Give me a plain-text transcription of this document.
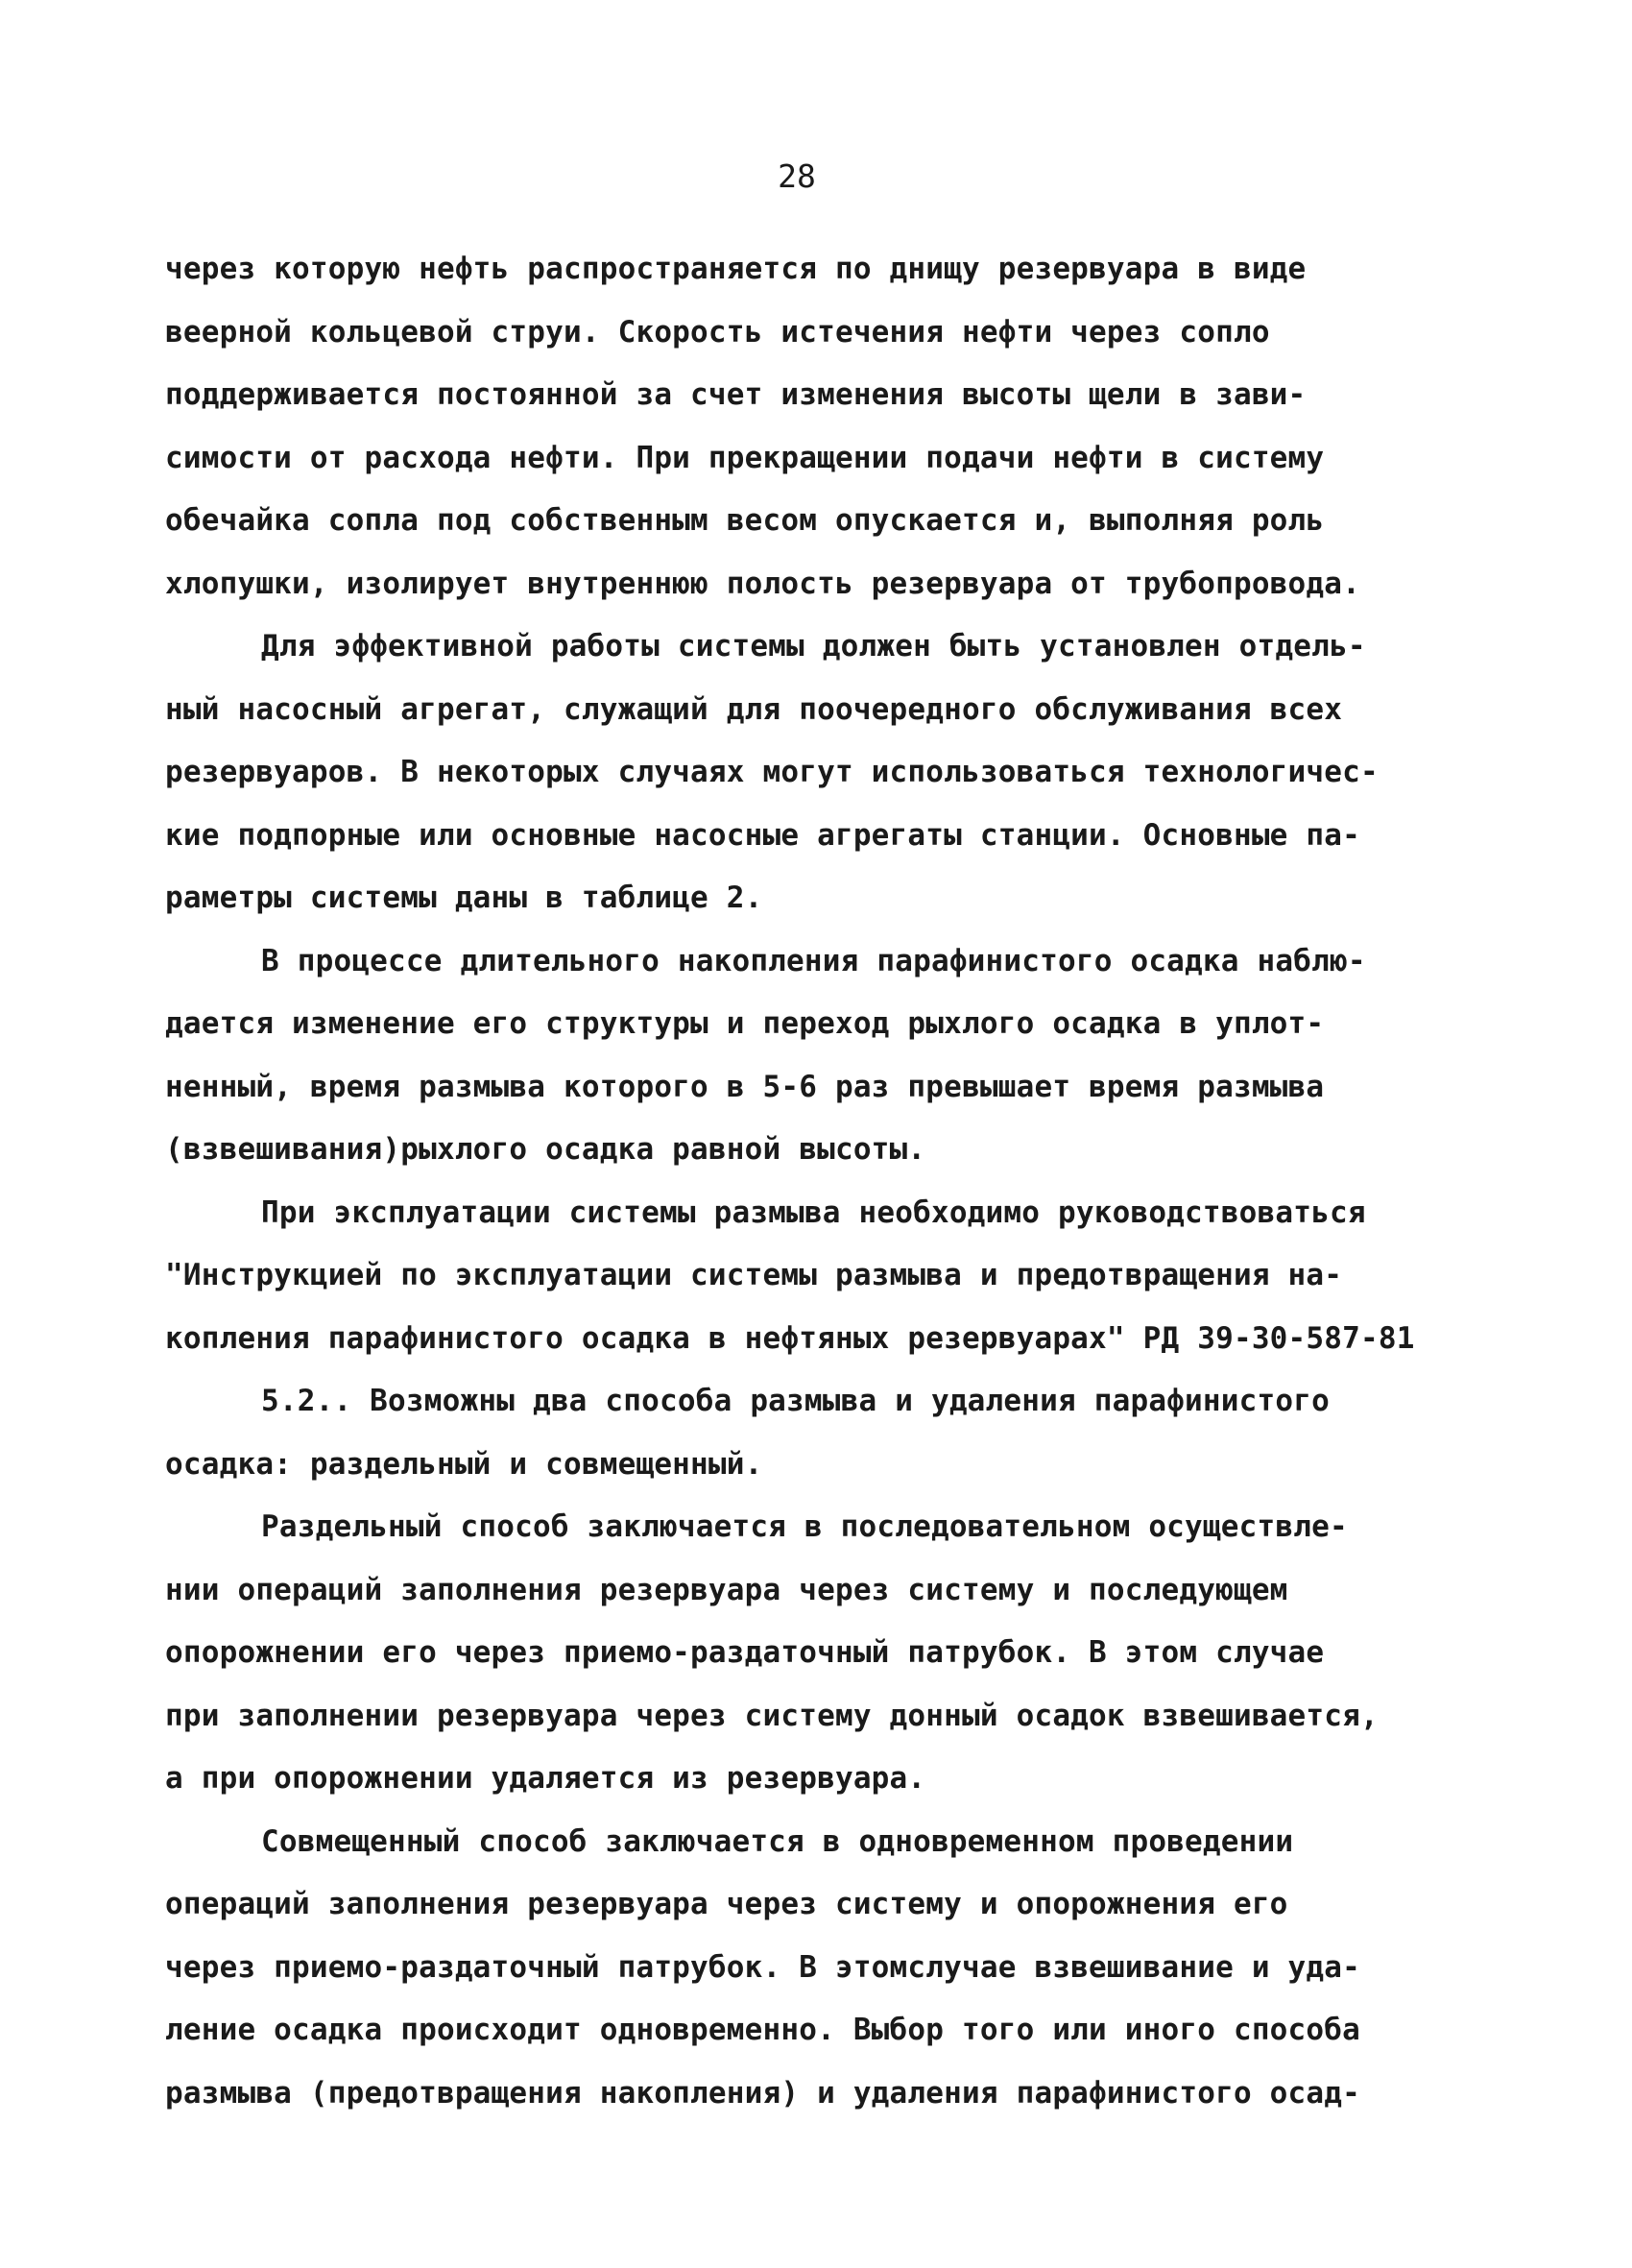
28
через которую нефть распространяется по днищу резервуара в виде
веерной кольцевой струи. Скорость истечения нефти через сопло
поддерживается постоянной за счет изменения высоты щели в зави-
симости от расхода нефти. При прекращении подачи нефти в систему
обечайка сопла под собственным весом опускается и, выполняя роль
хлопушки, изолирует внутреннюю полость резервуара от трубопровода.
Для эффективной работы системы должен быть установлен отдель-
ный насосный агрегат, служащий для поочередного обслуживания всех
резервуаров. В некоторых случаях могут использоваться технологичес-
кие подпорные или основные насосные агрегаты станции. Основные па-
раметры системы даны в таблице 2.
В процессе длительного накопления парафинистого осадка наблю-
дается изменение его структуры и переход рыхлого осадка в уплот-
ненный, время размыва которого в 5-6 раз превышает время размыва
(взвешивания)рыхлого осадка равной высоты.
При эксплуатации системы размыва необходимо руководствоваться
"Инструкцией по эксплуатации системы размыва и предотвращения на-
копления парафинистого осадка в нефтяных резервуарах" РД 39-30-587-81
5.2.. Возможны два способа размыва и удаления парафинистого
осадка: раздельный и совмещенный.
Раздельный способ заключается в последовательном осуществле-
нии операций заполнения резервуара через систему и последующем
опорожнении его через приемо-раздаточный патрубок. В этом случае
при заполнении резервуара через систему донный осадок взвешивается,
а при опорожнении удаляется из резервуара.
Совмещенный способ заключается в одновременном проведении
операций заполнения резервуара через систему и опорожнения его
через приемо-раздаточный патрубок. В этомслучае взвешивание и уда-
ление осадка происходит одновременно. Выбор того или иного способа
размыва (предотвращения накопления) и удаления парафинистого осад-
